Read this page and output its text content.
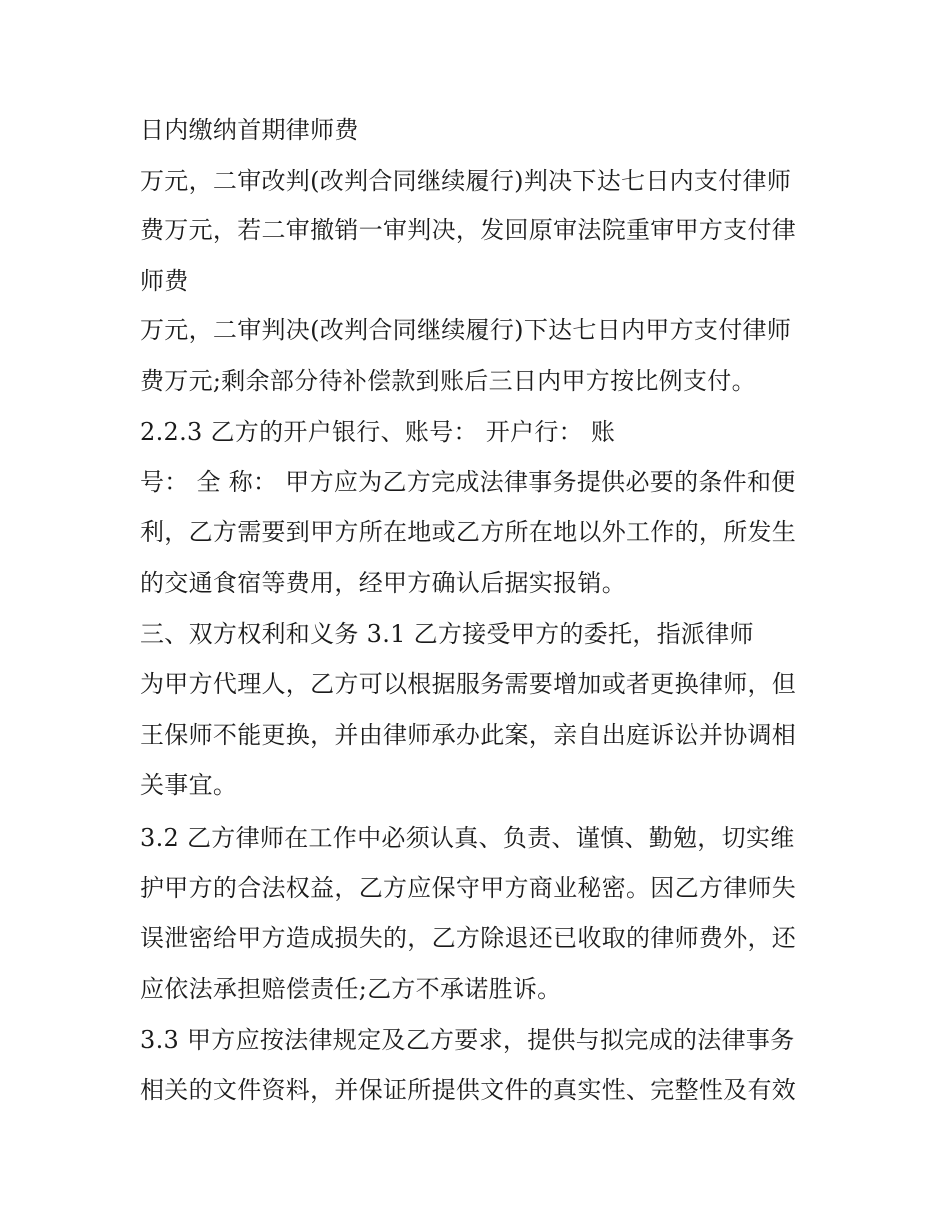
日内缴纳首期律师费
万元，二审改判(改判合同继续履行)判决下达七日内支付律师
费万元，若二审撤销一审判决，发回原审法院重审甲方支付律
师费
万元，二审判决(改判合同继续履行)下达七日内甲方支付律师
费万元;剩余部分待补偿款到账后三日内甲方按比例支付。
2.2.3 乙方的开户银行、账号： 开户行： 账
号： 全 称： 甲方应为乙方完成法律事务提供必要的条件和便
利，乙方需要到甲方所在地或乙方所在地以外工作的，所发生
的交通食宿等费用，经甲方确认后据实报销。
三、双方权利和义务 3.1 乙方接受甲方的委托，指派律师
为甲方代理人，乙方可以根据服务需要增加或者更换律师，但
王保师不能更换，并由律师承办此案，亲自出庭诉讼并协调相
关事宜。
3.2 乙方律师在工作中必须认真、负责、谨慎、勤勉，切实维
护甲方的合法权益，乙方应保守甲方商业秘密。因乙方律师失
误泄密给甲方造成损失的，乙方除退还已收取的律师费外，还
应依法承担赔偿责任;乙方不承诺胜诉。
3.3 甲方应按法律规定及乙方要求，提供与拟完成的法律事务
相关的文件资料，并保证所提供文件的真实性、完整性及有效
